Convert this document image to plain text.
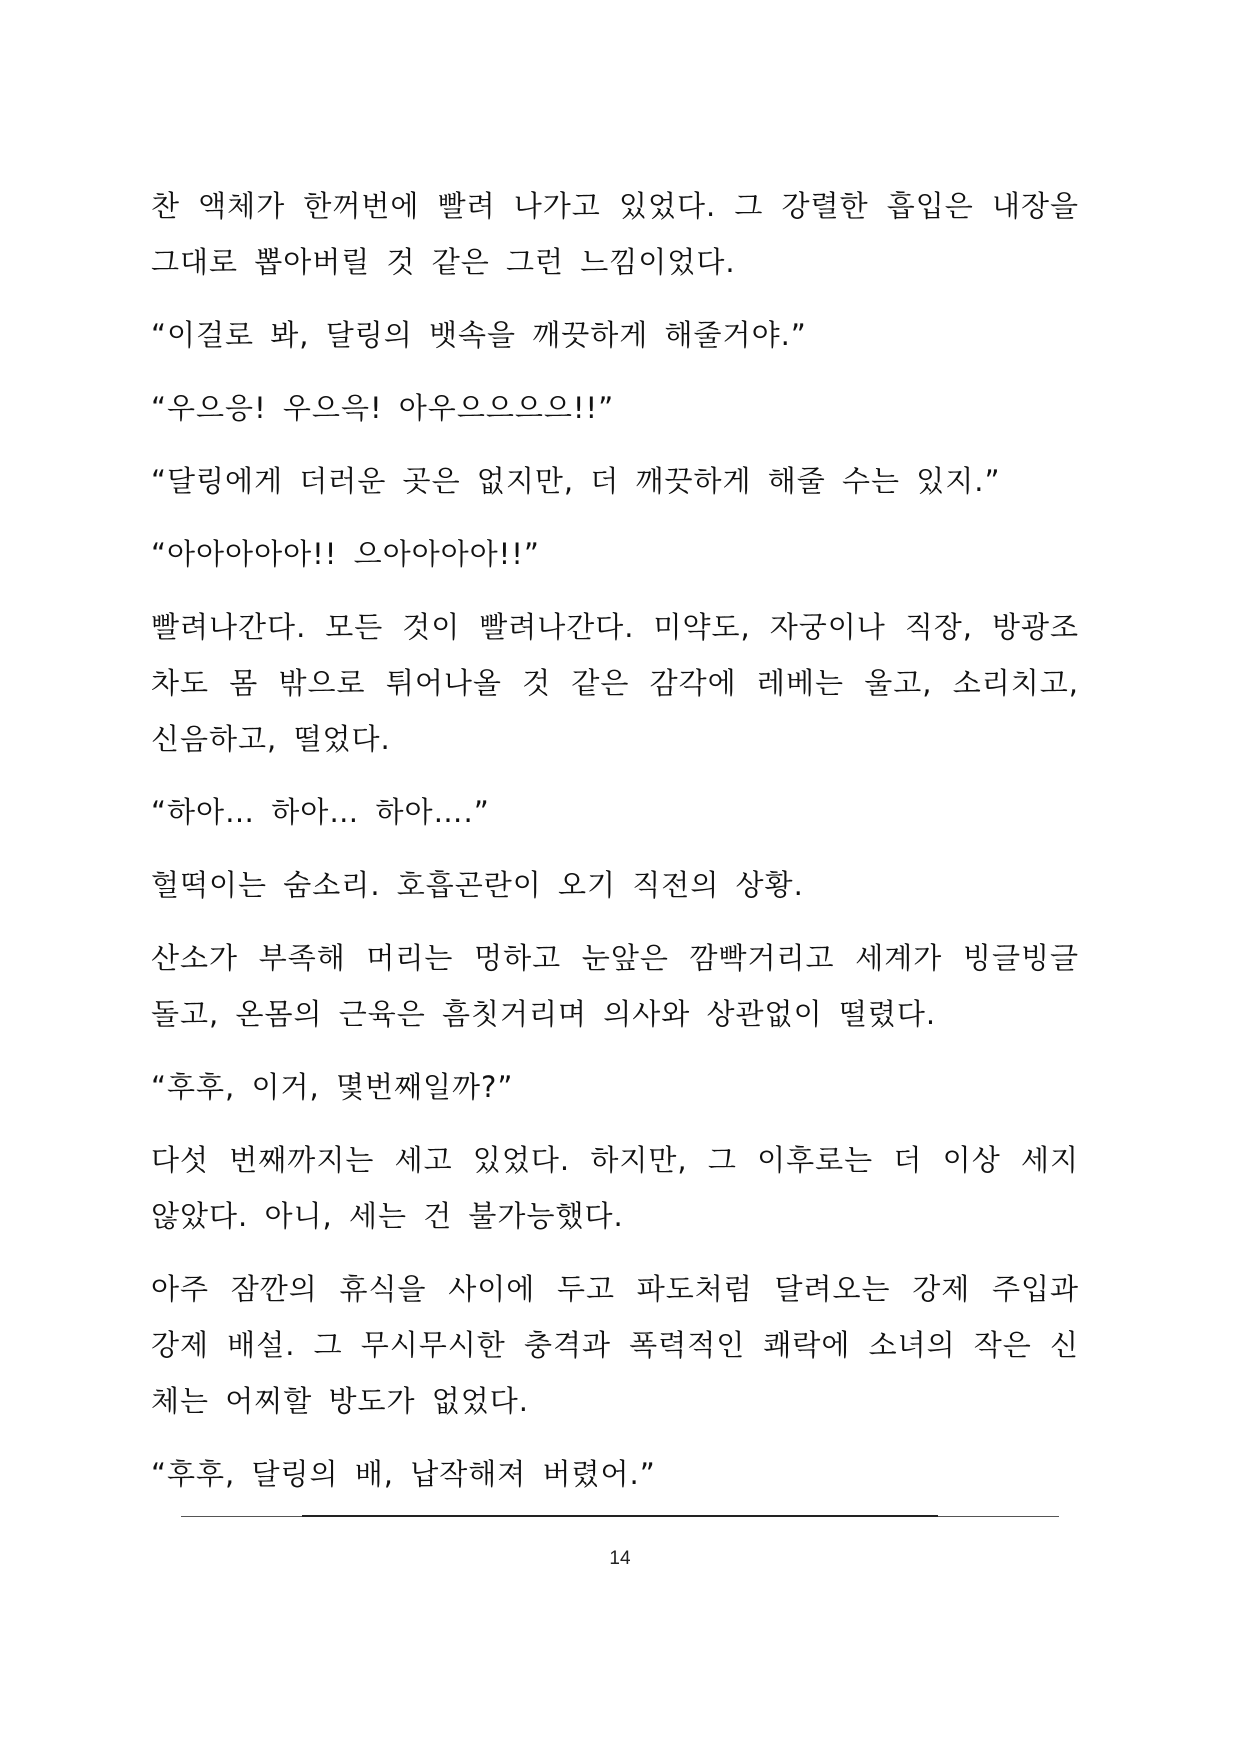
찬 액체가 한꺼번에 빨려 나가고 있었다. 그 강렬한 흡입은 내장을 그대로 뽑아버릴 것 같은 그런 느낌이었다.

“이걸로 봐, 달링의 뱃속을 깨끗하게 해줄거야.”

“우으응! 우으윽! 아우으으으으!!”

“달링에게 더러운 곳은 없지만, 더 깨끗하게 해줄 수는 있지.”

“아아아아아!! 으아아아아!!”

빨려나간다. 모든 것이 빨려나간다. 미약도, 자궁이나 직장, 방광조차도 몸 밖으로 튀어나올 것 같은 감각에 레베는 울고, 소리치고, 신음하고, 떨었다.

“하아… 하아… 하아….”

헐떡이는 숨소리. 호흡곤란이 오기 직전의 상황.

산소가 부족해 머리는 멍하고 눈앞은 깜빡거리고 세계가 빙글빙글 돌고, 온몸의 근육은 흠칫거리며 의사와 상관없이 떨렸다.

“후후, 이거, 몇번째일까?”

다섯 번째까지는 세고 있었다. 하지만, 그 이후로는 더 이상 세지 않았다. 아니, 세는 건 불가능했다.

아주 잠깐의 휴식을 사이에 두고 파도처럼 달려오는 강제 주입과 강제 배설. 그 무시무시한 충격과 폭력적인 쾌락에 소녀의 작은 신체는 어찌할 방도가 없었다.

“후후, 달링의 배, 납작해져 버렸어.”

14
